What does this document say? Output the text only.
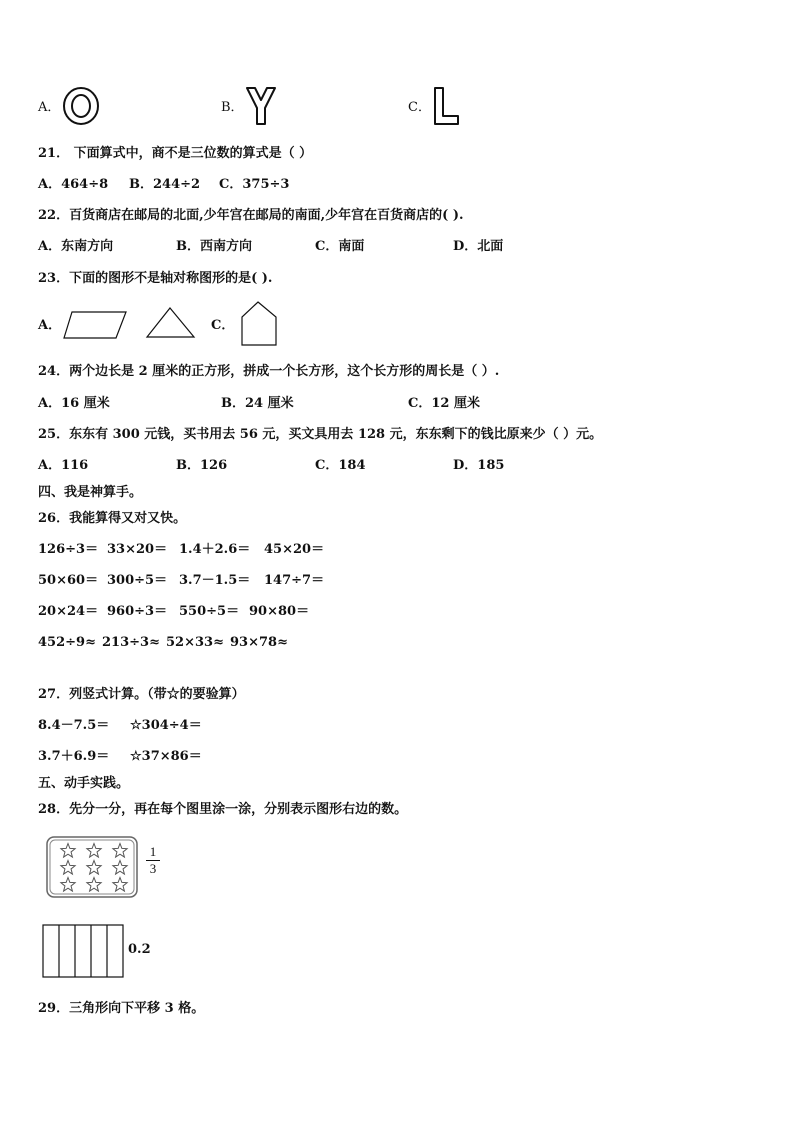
A．	B．	C．
21． 下面算式中，商不是三位数的算式是（ ）
A．464÷8 B．244÷2 C．375÷3
22．百货商店在邮局的北面,少年宫在邮局的南面,少年宫在百货商店的( ).
A．东南方向	B．西南方向	C．南面	D．北面
23．下面的图形不是轴对称图形的是( ).
A．	C．
24．两个边长是 2 厘米的正方形，拼成一个长方形，这个长方形的周长是（ ）.
A．16 厘米	B．24 厘米	C．12 厘米
25．东东有 300 元钱，买书用去 56 元，买文具用去 128 元，东东剩下的钱比原来少（ ）元。
A．116	B．126	C．184	D．185
四、我是神算手。
26．我能算得又对又快。
126÷3＝ 33×20＝ 1.4＋2.6＝ 45×20＝
50×60＝ 300÷5＝ 3.7－1.5＝ 147÷7＝
20×24＝ 960÷3＝ 550÷5＝ 90×80＝
452÷9≈ 213÷3≈ 52×33≈ 93×78≈
27．列竖式计算。（带☆的要验算）
8.4－7.5＝ ☆304÷4＝
3.7＋6.9＝ ☆37×86＝
五、动手实践。
28．先分一分，再在每个图里涂一涂，分别表示图形右边的数。
1
3
0.2
29．三角形向下平移 3 格。
